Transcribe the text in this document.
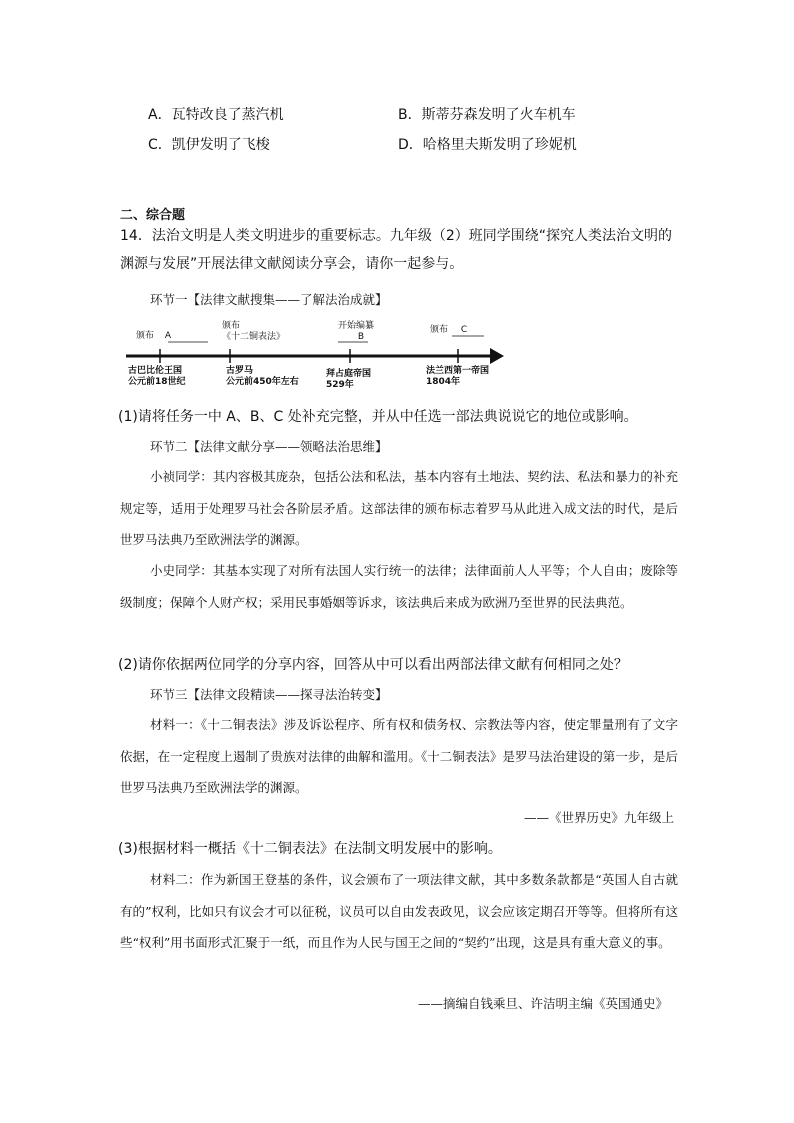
A．瓦特改良了蒸汽机	B．斯蒂芬森发明了火车机车
C．凯伊发明了飞梭	D．哈格里夫斯发明了珍妮机
二、综合题
14．法治文明是人类文明进步的重要标志。九年级（2）班同学围绕“探究人类法治文明的渊源与发展”开展法律文献阅读分享会，请你一起参与。
环节一【法律文献搜集——了解法治成就】
颁布 A
颁布
《十二铜表法》
开始编纂
B
颁布 C
古巴比伦王国
公元前18世纪
古罗马
公元前450年左右
拜占庭帝国
529年
法兰西第一帝国
1804年
(1)请将任务一中 A、B、C 处补充完整，并从中任选一部法典说说它的地位或影响。
环节二【法律文献分享——领略法治思维】
小祯同学：其内容极其庞杂，包括公法和私法，基本内容有土地法、契约法、私法和暴力的补充规定等，适用于处理罗马社会各阶层矛盾。这部法律的颁布标志着罗马从此进入成文法的时代，是后世罗马法典乃至欧洲法学的渊源。
小史同学：其基本实现了对所有法国人实行统一的法律；法律面前人人平等；个人自由；废除等级制度；保障个人财产权；采用民事婚姻等诉求，该法典后来成为欧洲乃至世界的民法典范。
(2)请你依据两位同学的分享内容，回答从中可以看出两部法律文献有何相同之处？
环节三【法律文段精读——探寻法治转变】
材料一：《十二铜表法》涉及诉讼程序、所有权和债务权、宗教法等内容，使定罪量刑有了文字依据，在一定程度上遏制了贵族对法律的曲解和滥用。《十二铜表法》是罗马法治建设的第一步，是后世罗马法典乃至欧洲法学的渊源。
——《世界历史》九年级上
(3)根据材料一概括《十二铜表法》在法制文明发展中的影响。
材料二：作为新国王登基的条件，议会颁布了一项法律文献，其中多数条款都是“英国人自古就有的”权利，比如只有议会才可以征税，议员可以自由发表政见，议会应该定期召开等等。但将所有这些“权利”用书面形式汇聚于一纸，而且作为人民与国王之间的“契约”出现，这是具有重大意义的事。
——摘编自钱乘旦、许洁明主编《英国通史》
